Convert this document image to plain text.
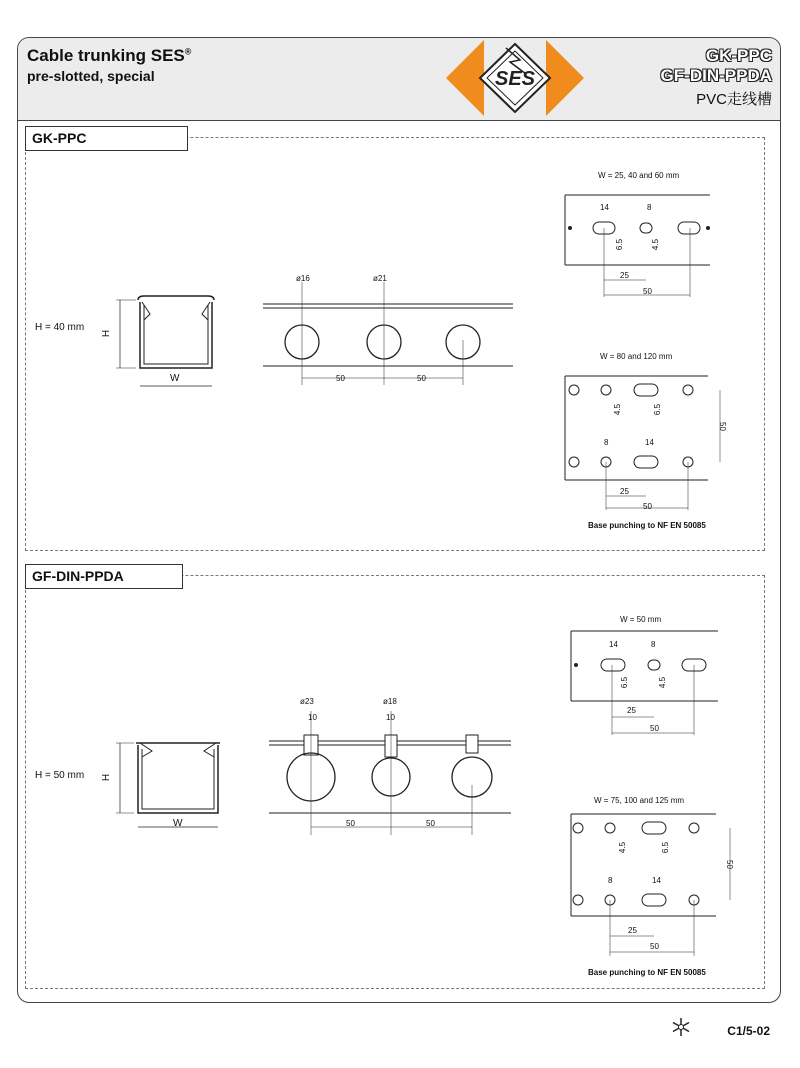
Cable trunking SES®
pre-slotted, special
GK-PPC
GF-DIN-PPDA
PVC走线槽
SES
GK-PPC
H = 40 mm
H
W
ø16	ø21
50	50
W = 25, 40 and 60 mm
14	8
6.5	4.5
25
50
W = 80 and 120 mm
4.5	6.5
50
8	14
25
50
Base punching to NF EN 50085
GF-DIN-PPDA
H = 50 mm H
W
ø23	ø18
10	10
50	50
W = 50 mm
14	8
6.5	4.5
25
50
W = 75, 100 and 125 mm
4.5	6.5
50
8	14
25
50
Base punching to NF EN 50085
C1/5-02
